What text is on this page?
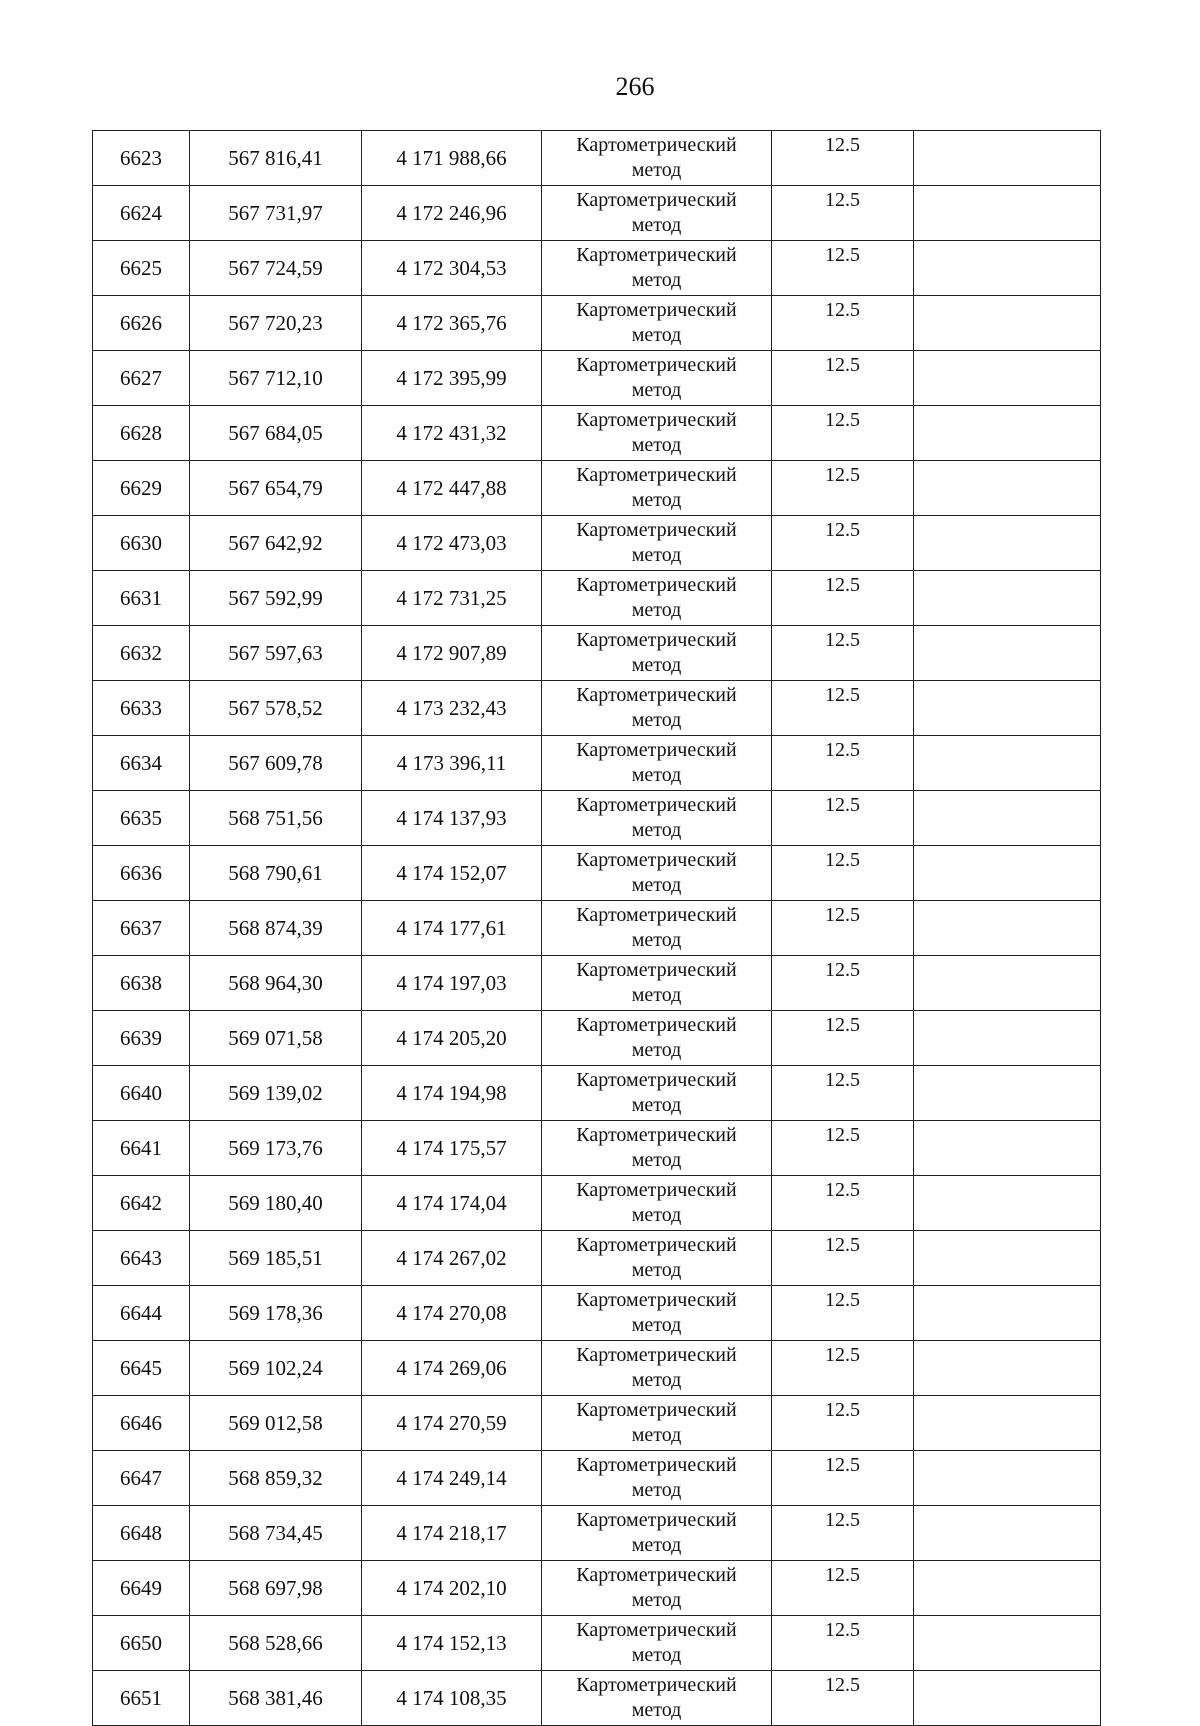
266
6623	567 816,41	4 171 988,66	Картометрический
метод	12.5	
6624	567 731,97	4 172 246,96	Картометрический
метод	12.5	
6625	567 724,59	4 172 304,53	Картометрический
метод	12.5	
6626	567 720,23	4 172 365,76	Картометрический
метод	12.5	
6627	567 712,10	4 172 395,99	Картометрический
метод	12.5	
6628	567 684,05	4 172 431,32	Картометрический
метод	12.5	
6629	567 654,79	4 172 447,88	Картометрический
метод	12.5	
6630	567 642,92	4 172 473,03	Картометрический
метод	12.5	
6631	567 592,99	4 172 731,25	Картометрический
метод	12.5	
6632	567 597,63	4 172 907,89	Картометрический
метод	12.5	
6633	567 578,52	4 173 232,43	Картометрический
метод	12.5	
6634	567 609,78	4 173 396,11	Картометрический
метод	12.5	
6635	568 751,56	4 174 137,93	Картометрический
метод	12.5	
6636	568 790,61	4 174 152,07	Картометрический
метод	12.5	
6637	568 874,39	4 174 177,61	Картометрический
метод	12.5	
6638	568 964,30	4 174 197,03	Картометрический
метод	12.5	
6639	569 071,58	4 174 205,20	Картометрический
метод	12.5	
6640	569 139,02	4 174 194,98	Картометрический
метод	12.5	
6641	569 173,76	4 174 175,57	Картометрический
метод	12.5	
6642	569 180,40	4 174 174,04	Картометрический
метод	12.5	
6643	569 185,51	4 174 267,02	Картометрический
метод	12.5	
6644	569 178,36	4 174 270,08	Картометрический
метод	12.5	
6645	569 102,24	4 174 269,06	Картометрический
метод	12.5	
6646	569 012,58	4 174 270,59	Картометрический
метод	12.5	
6647	568 859,32	4 174 249,14	Картометрический
метод	12.5	
6648	568 734,45	4 174 218,17	Картометрический
метод	12.5	
6649	568 697,98	4 174 202,10	Картометрический
метод	12.5	
6650	568 528,66	4 174 152,13	Картометрический
метод	12.5	
6651	568 381,46	4 174 108,35	Картометрический
метод	12.5	
